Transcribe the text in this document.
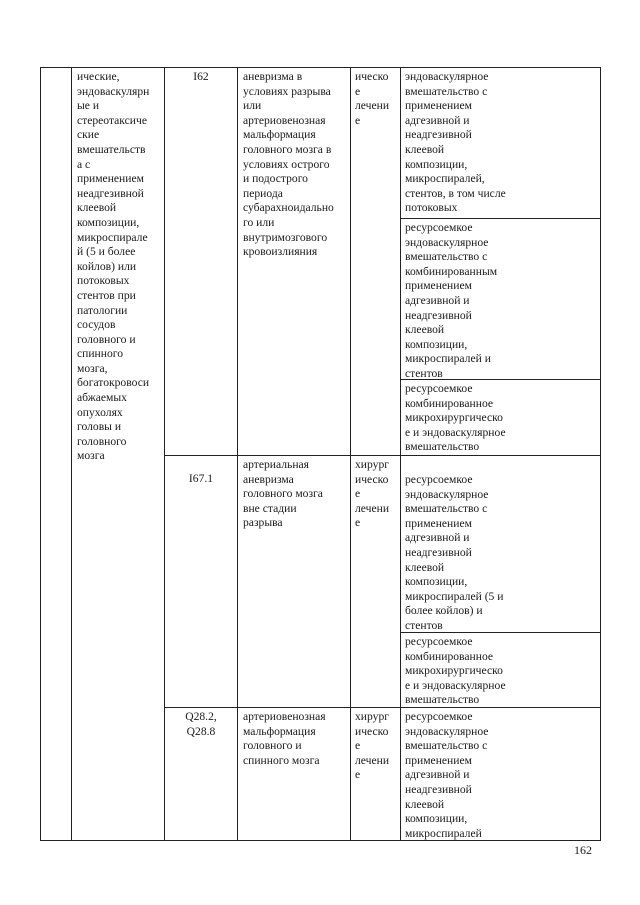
ические,
эндоваскулярн
ые и
стереотаксиче
ские
вмешательств
а с
применением
неадгезивной
клеевой
композиции,
микроспирале
й (5 и более
койлов) или
потоковых
стентов при
патологии
сосудов
головного и
спинного
мозга,
богатокровоси
абжаемых
опухолях
головы и
головного
мозга
I62	аневризма в
условиях разрыва
или
артериовенозная
мальформация
головного мозга в
условиях острого
и подострого
периода
субарахноидально
го или
внутримозгового
кровоизлияния
ическо
е
лечени
е
эндоваскулярное
вмешательство с
применением
адгезивной и
неадгезивной
клеевой
композиции,
микроспиралей,
стентов, в том числе
потоковых
ресурсоемкое
эндоваскулярное
вмешательство с
комбинированным
применением
адгезивной и
неадгезивной
клеевой
композиции,
микроспиралей и
стентов
ресурсоемкое
комбинированное
микрохирургическо
е и эндоваскулярное
вмешательство
I67.1
артериальная
аневризма
головного мозга
вне стадии
разрыва
хирург
ическо
е
лечени
е
ресурсоемкое
эндоваскулярное
вмешательство с
применением
адгезивной и
неадгезивной
клеевой
композиции,
микроспиралей (5 и
более койлов) и
стентов
ресурсоемкое
комбинированное
микрохирургическо
е и эндоваскулярное
вмешательство
Q28.2,
Q28.8
артериовенозная
мальформация
головного и
спинного мозга
хирург
ическо
е
лечени
е
ресурсоемкое
эндоваскулярное
вмешательство с
применением
адгезивной и
неадгезивной
клеевой
композиции,
микроспиралей
162
